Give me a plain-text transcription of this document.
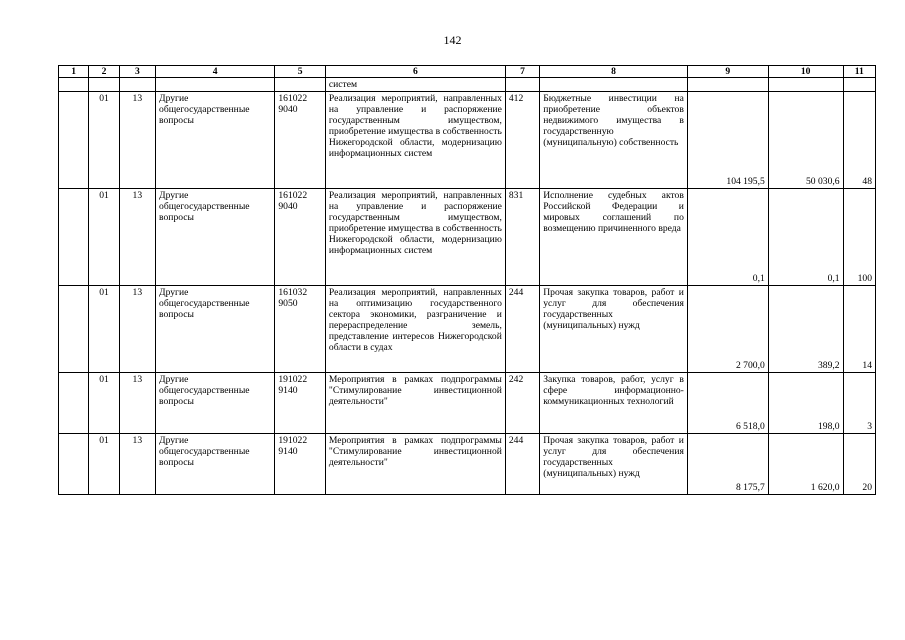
142
1	2	3	4	5	6	7	8	9	10	11
					систем					
	01	13	Другие общегосударственные вопросы	161022 9040	Реализация мероприятий, направленных на управление и распоряжение государственным имуществом, приобретение имущества в собственность Нижегородской области, модернизацию информационных систем	412	Бюджетные инвестиции на приобретение объектов недвижимого имущества в государственную (муниципальную) собственность	104 195,5	50 030,6	48
	01	13	Другие общегосударственные вопросы	161022 9040	Реализация мероприятий, направленных на управление и распоряжение государственным имуществом, приобретение имущества в собственность Нижегородской области, модернизацию информационных систем	831	Исполнение судебных актов Российской Федерации и мировых соглашений по возмещению причиненного вреда	0,1	0,1	100
	01	13	Другие общегосударственные вопросы	161032 9050	Реализация мероприятий, направленных на оптимизацию государственного сектора экономики, разграничение и перераспределение земель, представление интересов Нижегородской области в судах	244	Прочая закупка товаров, работ и услуг для обеспечения государственных (муниципальных) нужд	2 700,0	389,2	14
	01	13	Другие общегосударственные вопросы	191022 9140	Мероприятия в рамках подпрограммы "Стимулирование инвестиционной деятельности"	242	Закупка товаров, работ, услуг в сфере информационно-коммуникационных технологий	6 518,0	198,0	3
	01	13	Другие общегосударственные вопросы	191022 9140	Мероприятия в рамках подпрограммы "Стимулирование инвестиционной деятельности"	244	Прочая закупка товаров, работ и услуг для обеспечения государственных (муниципальных) нужд	8 175,7	1 620,0	20
